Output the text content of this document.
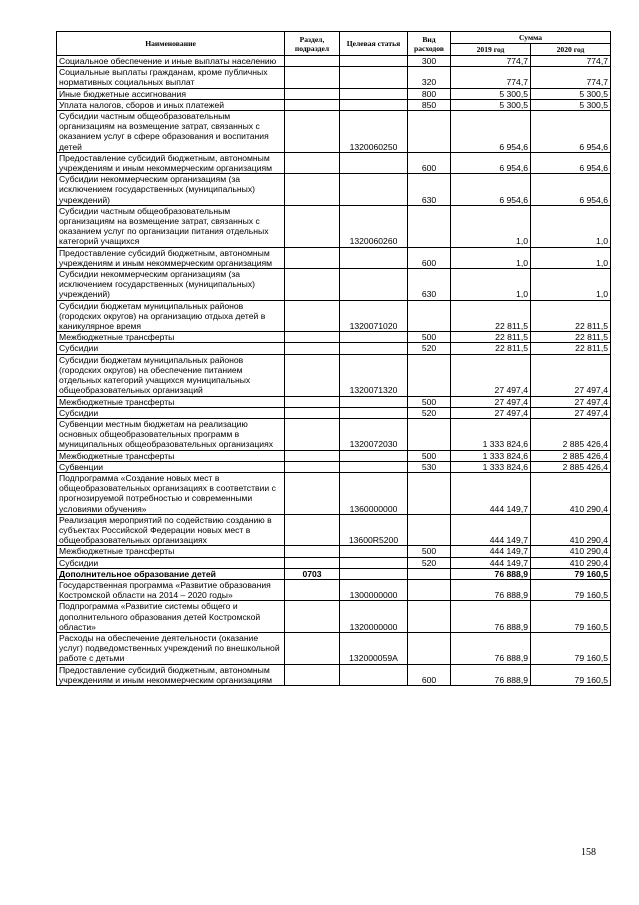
Наименование	Раздел, подраздел	Целевая статья	Вид расходов	Сумма	
				2019 год	2020 год
Социальное обеспечение и иные выплаты населению			300	774,7	774,7
Социальные выплаты гражданам, кроме публичных нормативных социальных выплат			320	774,7	774,7
Иные бюджетные ассигнования			800	5 300,5	5 300,5
Уплата налогов, сборов и иных платежей			850	5 300,5	5 300,5
Субсидии частным общеобразовательным организациям на возмещение затрат, связанных с оказанием услуг в сфере образования и воспитания детей		1320060250		6 954,6	6 954,6
Предоставление субсидий бюджетным, автономным учреждениям и иным некоммерческим организациям			600	6 954,6	6 954,6
Субсидии некоммерческим организациям (за исключением государственных (муниципальных) учреждений)			630	6 954,6	6 954,6
Субсидии частным общеобразовательным организациям на возмещение затрат, связанных с оказанием услуг по организации питания отдельных категорий учащихся		1320060260		1,0	1,0
Предоставление субсидий бюджетным, автономным учреждениям и иным некоммерческим организациям			600	1,0	1,0
Субсидии некоммерческим организациям (за исключением государственных (муниципальных) учреждений)			630	1,0	1,0
Субсидии бюджетам муниципальных районов (городских округов) на организацию отдыха детей в каникулярное время		1320071020		22 811,5	22 811,5
Межбюджетные трансферты			500	22 811,5	22 811,5
Субсидии			520	22 811,5	22 811,5
Субсидии бюджетам муниципальных районов (городских округов) на обеспечение питанием отдельных категорий учащихся муниципальных общеобразовательных организаций		1320071320		27 497,4	27 497,4
Межбюджетные трансферты			500	27 497,4	27 497,4
Субсидии			520	27 497,4	27 497,4
Субвенции местным бюджетам на реализацию основных общеобразовательных программ в муниципальных общеобразовательных организациях		1320072030		1 333 824,6	2 885 426,4
Межбюджетные трансферты			500	1 333 824,6	2 885 426,4
Субвенции			530	1 333 824,6	2 885 426,4
Подпрограмма «Создание новых мест в общеобразовательных организациях в соответствии с прогнозируемой потребностью и современными условиями обучения»		1360000000		444 149,7	410 290,4
Реализация мероприятий по содействию созданию в субъектах Российской Федерации новых мест в общеобразовательных организациях		13600R5200		444 149,7	410 290,4
Межбюджетные трансферты			500	444 149,7	410 290,4
Субсидии			520	444 149,7	410 290,4
Дополнительное образование детей	0703			76 888,9	79 160,5
Государственная программа «Развитие образования Костромской области на 2014 – 2020 годы»		1300000000		76 888,9	79 160,5
Подпрограмма «Развитие системы общего и дополнительного образования детей Костромской области»		1320000000		76 888,9	79 160,5
Расходы на обеспечение деятельности (оказание услуг) подведомственных учреждений по внешкольной работе с детьми		132000059А		76 888,9	79 160,5
Предоставление субсидий бюджетным, автономным учреждениям и иным некоммерческим организациям			600	76 888,9	79 160,5
158
